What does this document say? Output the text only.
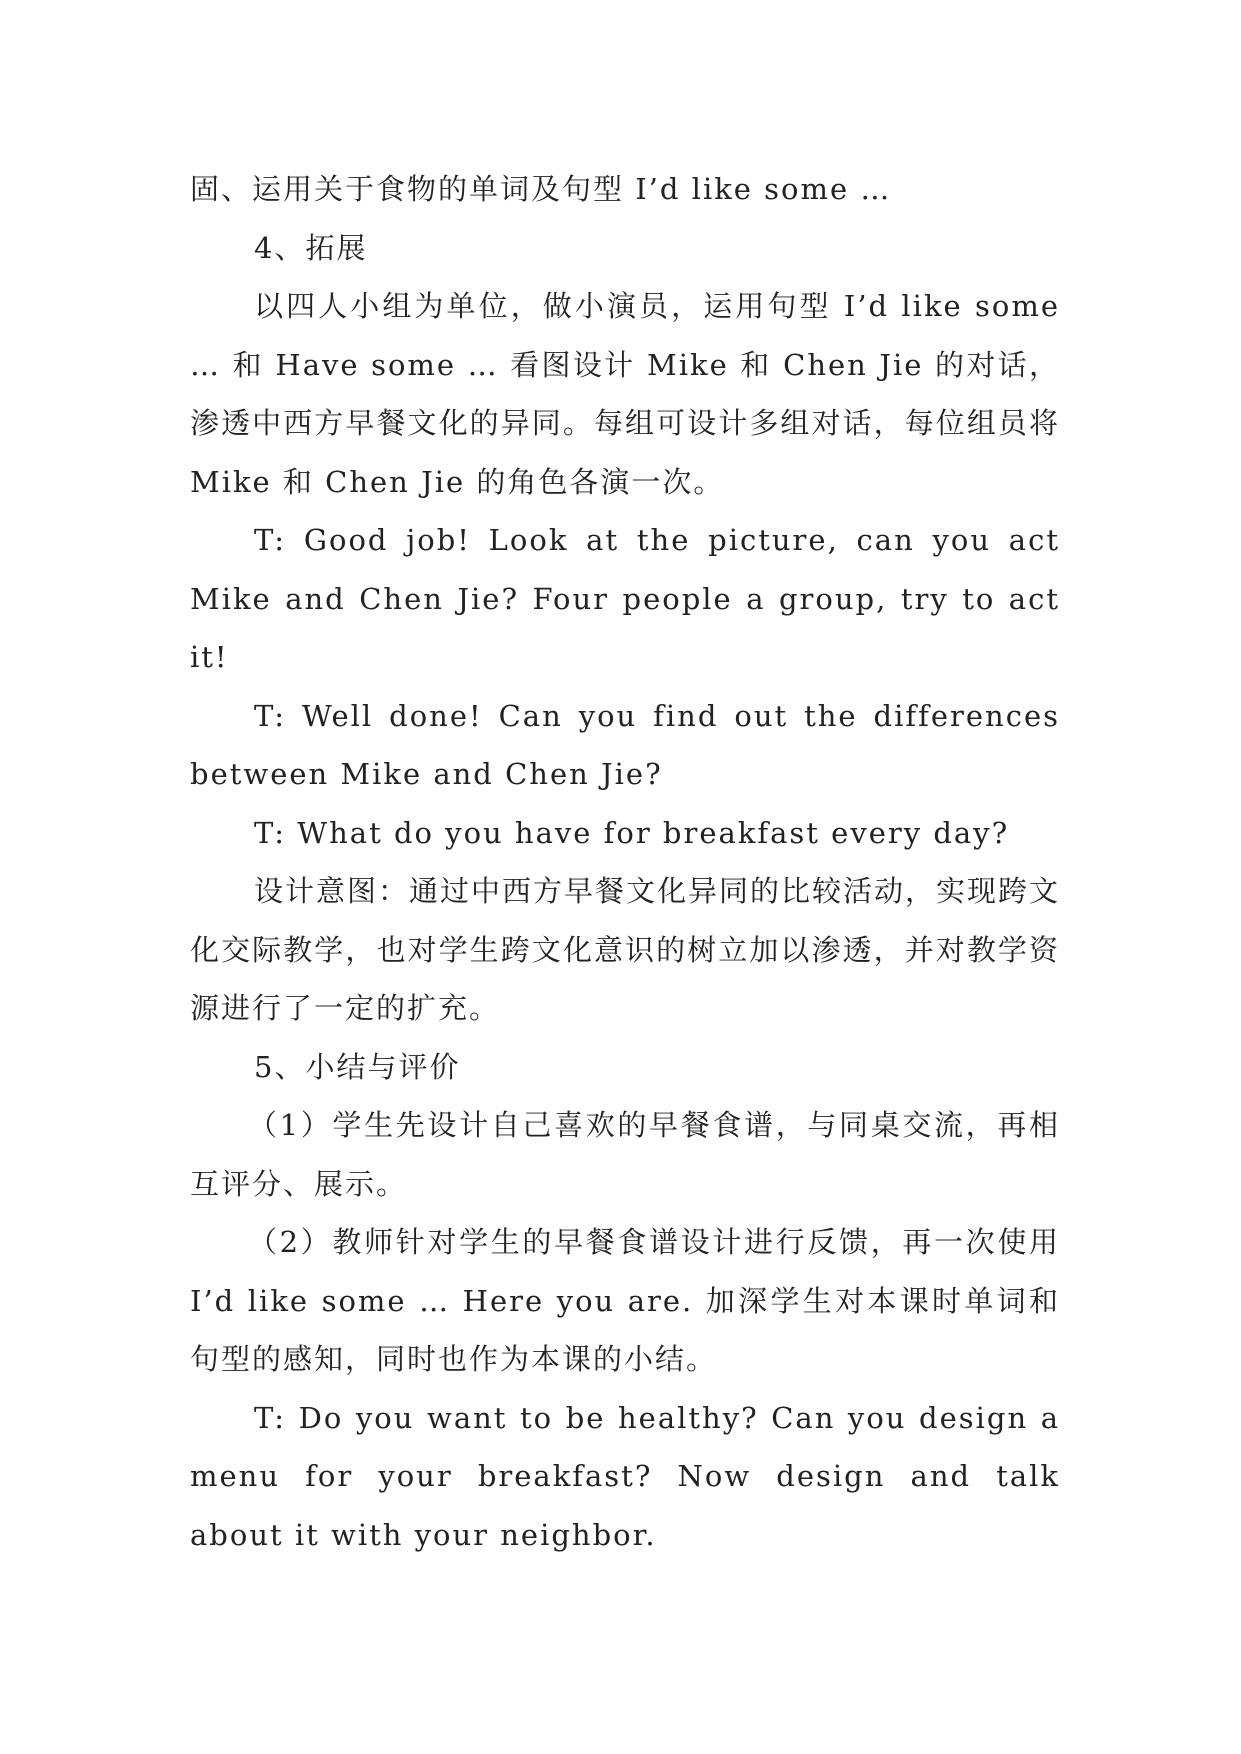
固、运用关于食物的单词及句型 I’d like some …

4、拓展

以四人小组为单位，做小演员，运用句型 I’d like some … 和 Have some … 看图设计 Mike 和 Chen Jie 的对话，渗透中西方早餐文化的异同。每组可设计多组对话，每位组员将 Mike 和 Chen Jie 的角色各演一次。

T: Good job! Look at the picture, can you act Mike and Chen Jie? Four people a group, try to act it!

T: Well done! Can you find out the differences between Mike and Chen Jie?

T: What do you have for breakfast every day?

设计意图：通过中西方早餐文化异同的比较活动，实现跨文化交际教学，也对学生跨文化意识的树立加以渗透，并对教学资源进行了一定的扩充。

5、小结与评价

（1）学生先设计自己喜欢的早餐食谱，与同桌交流，再相互评分、展示。

（2）教师针对学生的早餐食谱设计进行反馈，再一次使用 I’d like some … Here you are. 加深学生对本课时单词和句型的感知，同时也作为本课的小结。

T: Do you want to be healthy? Can you design a menu for your breakfast? Now design and talk about it with your neighbor.
